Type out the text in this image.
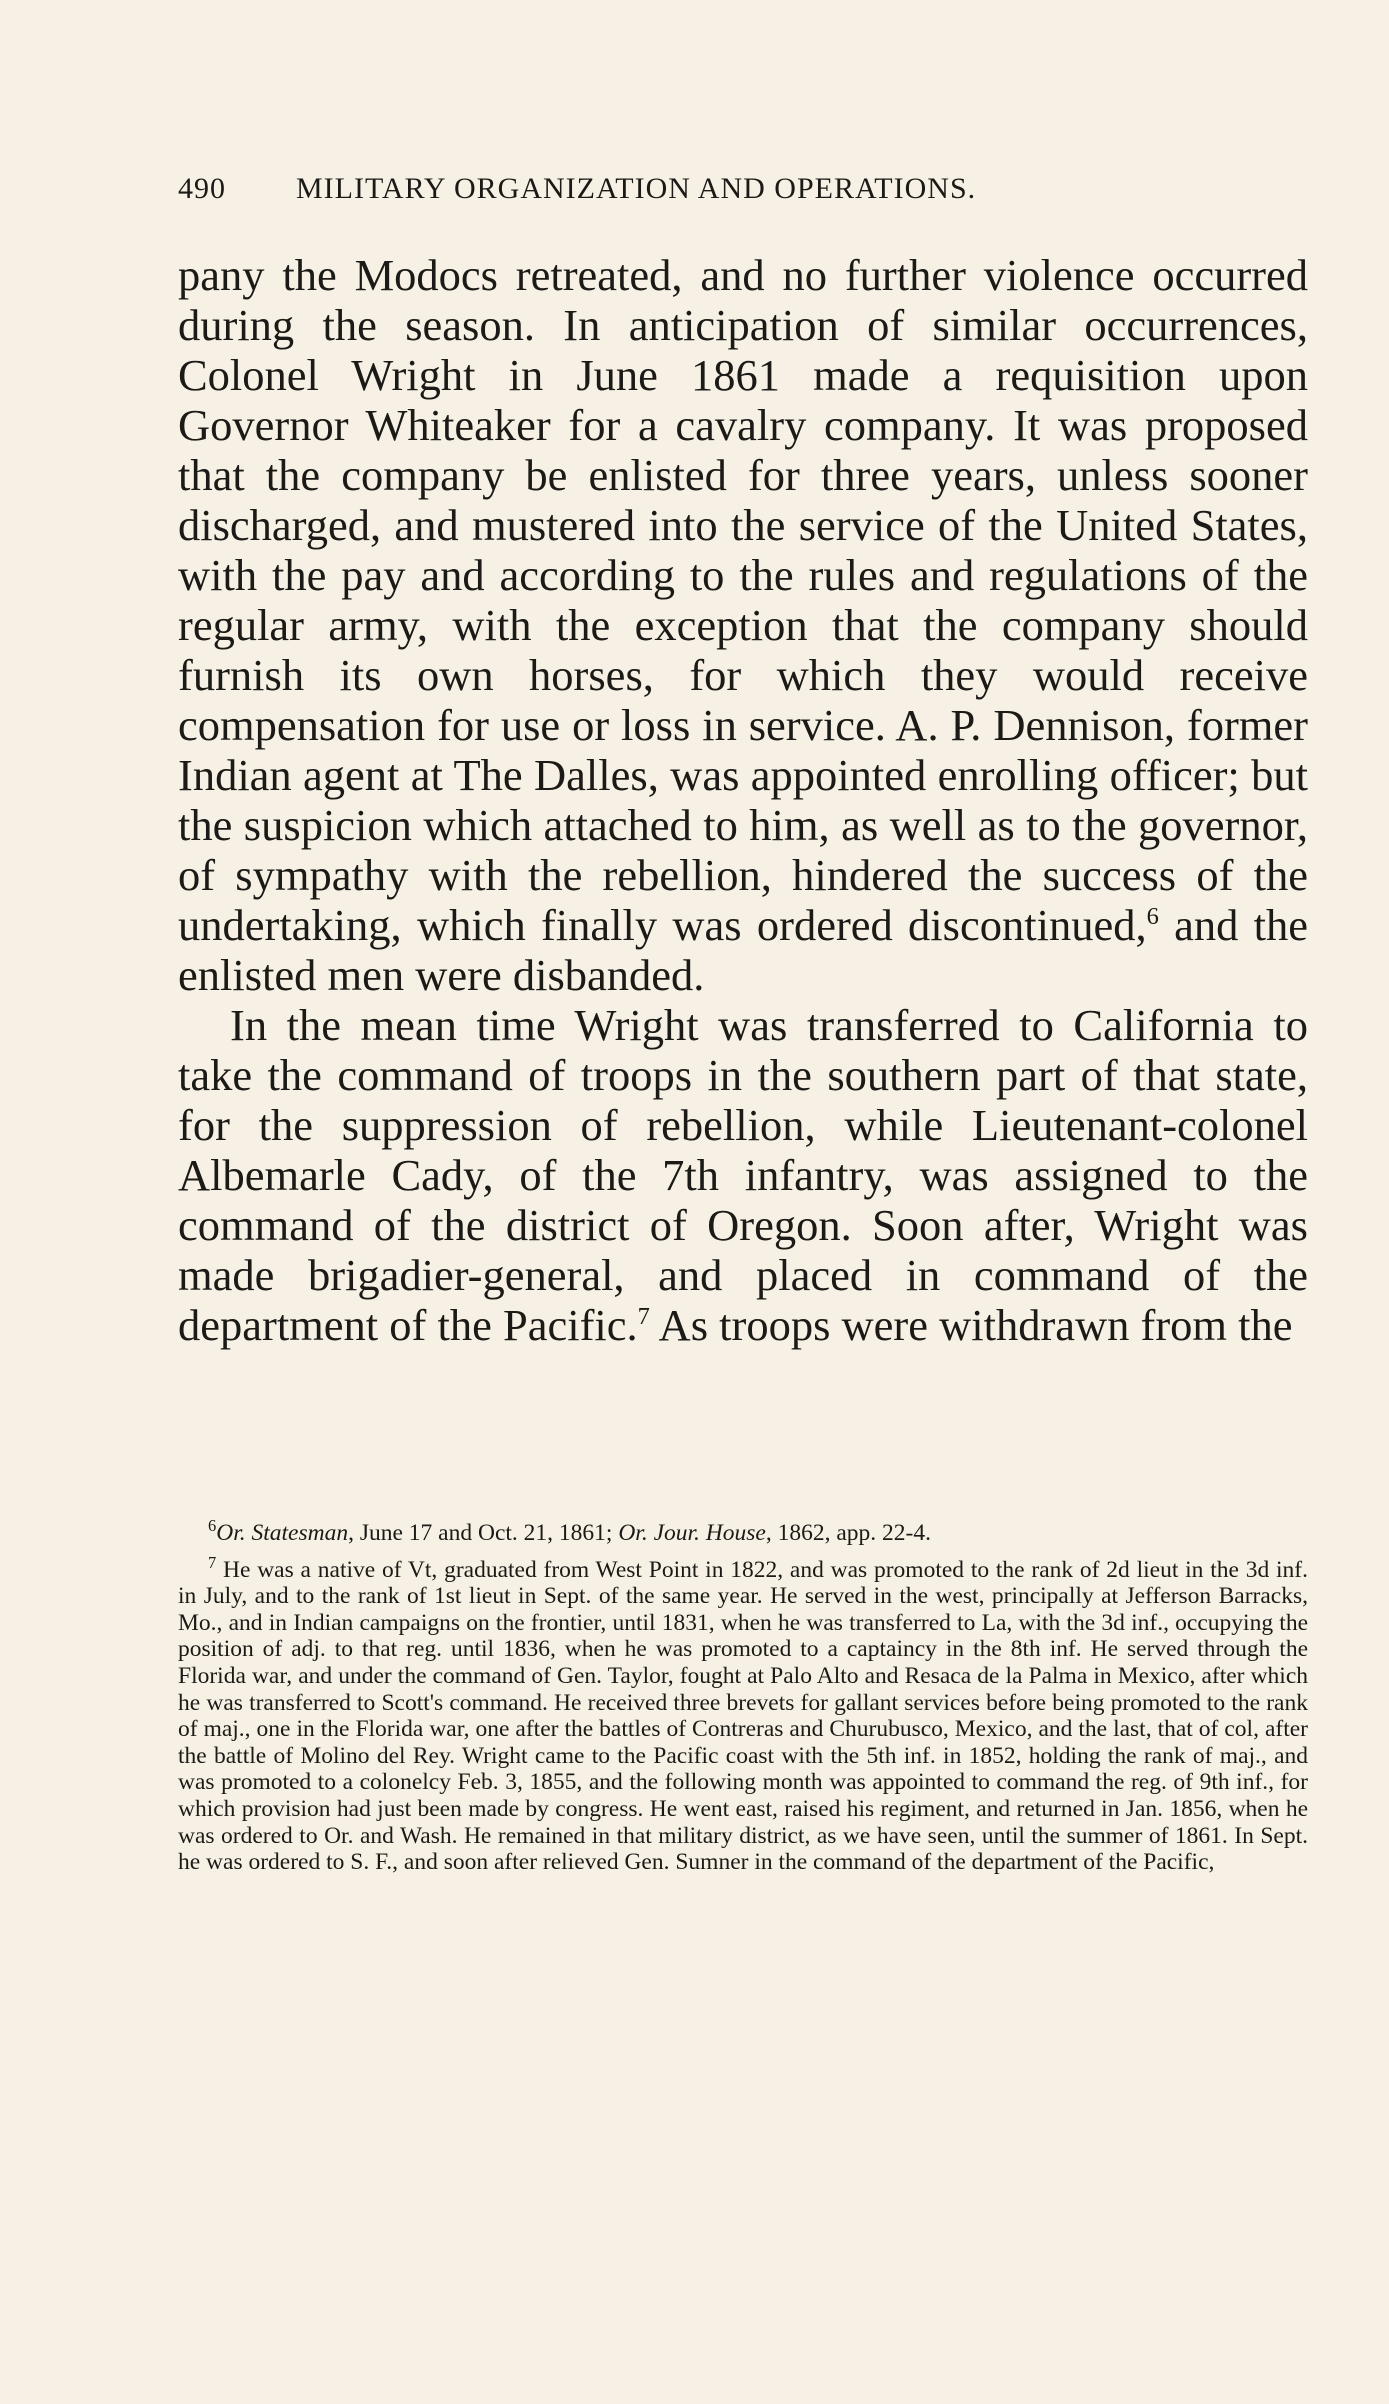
490 MILITARY ORGANIZATION AND OPERATIONS.

pany the Modocs retreated, and no further violence occurred during the season. In anticipation of similar occurrences, Colonel Wright in June 1861 made a requisition upon Governor Whiteaker for a cavalry company. It was proposed that the company be enlisted for three years, unless sooner discharged, and mustered into the service of the United States, with the pay and according to the rules and regulations of the regular army, with the exception that the company should furnish its own horses, for which they would receive compensation for use or loss in service. A. P. Dennison, former Indian agent at The Dalles, was appointed enrolling officer; but the suspicion which attached to him, as well as to the governor, of sympathy with the rebellion, hindered the success of the undertaking, which finally was ordered discontinued,$^6$ and the enlisted men were disbanded.

In the mean time Wright was transferred to California to take the command of troops in the southern part of that state, for the suppression of rebellion, while Lieutenant-colonel Albemarle Cady, of the 7th infantry, was assigned to the command of the district of Oregon. Soon after, Wright was made brigadier-general, and placed in command of the department of the Pacific.$^7$ As troops were withdrawn from the

$^6$Or. Statesman, June 17 and Oct. 21, 1861; Or. Jour. House, 1862, app. 22-4.

$^7$ He was a native of Vt, graduated from West Point in 1822, and was promoted to the rank of 2d lieut in the 3d inf. in July, and to the rank of 1st lieut in Sept. of the same year. He served in the west, principally at Jefferson Barracks, Mo., and in Indian campaigns on the frontier, until 1831, when he was transferred to La, with the 3d inf., occupying the position of adj. to that reg. until 1836, when he was promoted to a captaincy in the 8th inf. He served through the Florida war, and under the command of Gen. Taylor, fought at Palo Alto and Resaca de la Palma in Mexico, after which he was transferred to Scott's command. He received three brevets for gallant services before being promoted to the rank of maj., one in the Florida war, one after the battles of Contreras and Churubusco, Mexico, and the last, that of col, after the battle of Molino del Rey. Wright came to the Pacific coast with the 5th inf. in 1852, holding the rank of maj., and was promoted to a colonelcy Feb. 3, 1855, and the following month was appointed to command the reg. of 9th inf., for which provision had just been made by congress. He went east, raised his regiment, and returned in Jan. 1856, when he was ordered to Or. and Wash. He remained in that military district, as we have seen, until the summer of 1861. In Sept. he was ordered to S. F., and soon after relieved Gen. Sumner in the command of the department of the Pacific,
